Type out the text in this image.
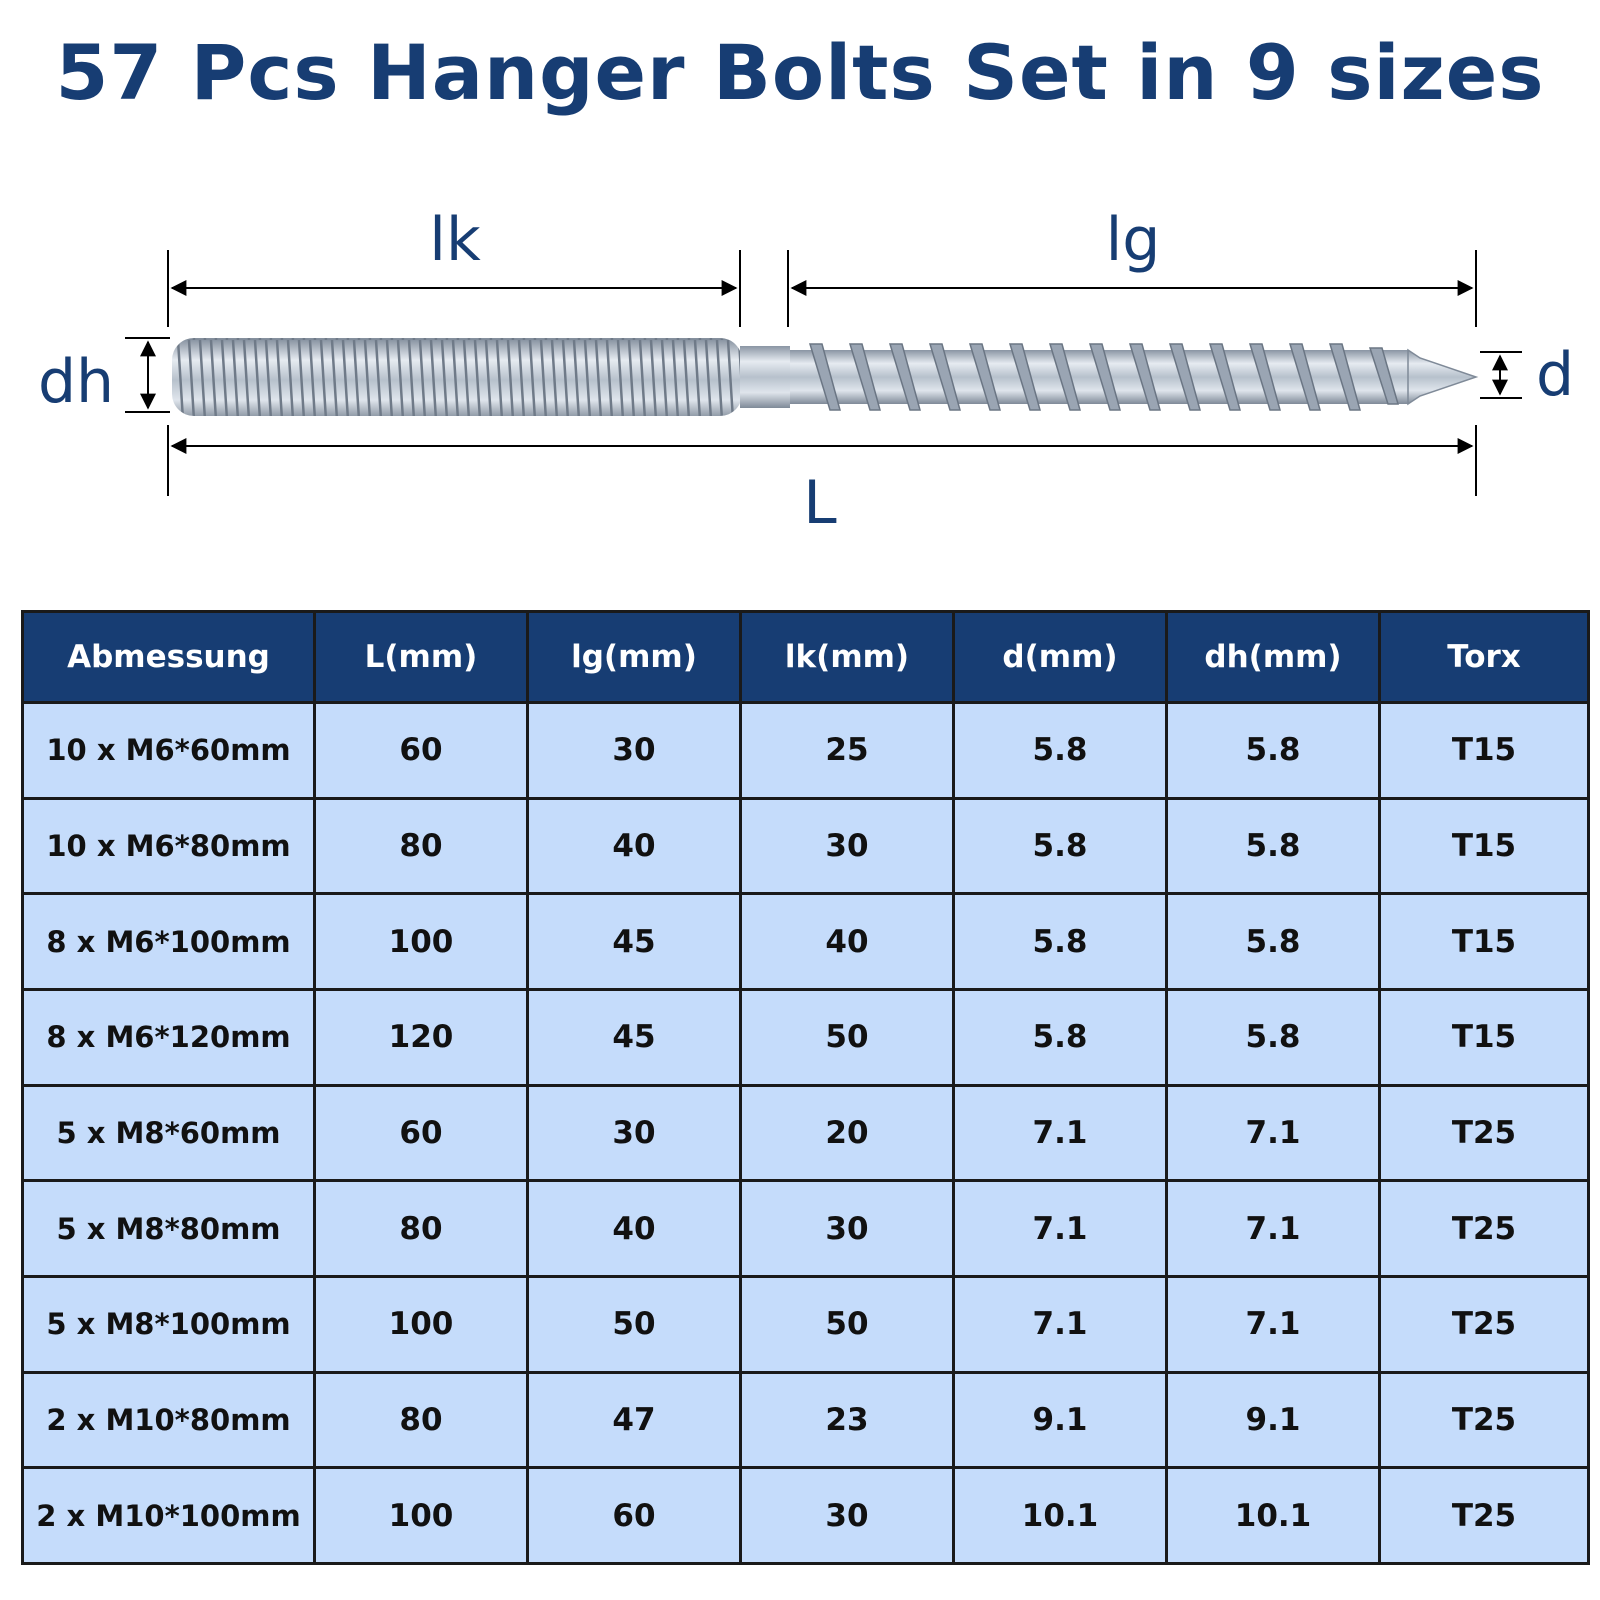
57 Pcs Hanger Bolts Set in 9 sizes
lk	lg
dh	d
L
Abmessung	L(mm)	lg(mm)	lk(mm)	d(mm)	dh(mm)	Torx
10 x M6*60mm	60	30	25	5.8	5.8	T15
10 x M6*80mm	80	40	30	5.8	5.8	T15
8 x M6*100mm	100	45	40	5.8	5.8	T15
8 x M6*120mm	120	45	50	5.8	5.8	T15
5 x M8*60mm	60	30	20	7.1	7.1	T25
5 x M8*80mm	80	40	30	7.1	7.1	T25
5 x M8*100mm	100	50	50	7.1	7.1	T25
2 x M10*80mm	80	47	23	9.1	9.1	T25
2 x M10*100mm	100	60	30	10.1	10.1	T25
